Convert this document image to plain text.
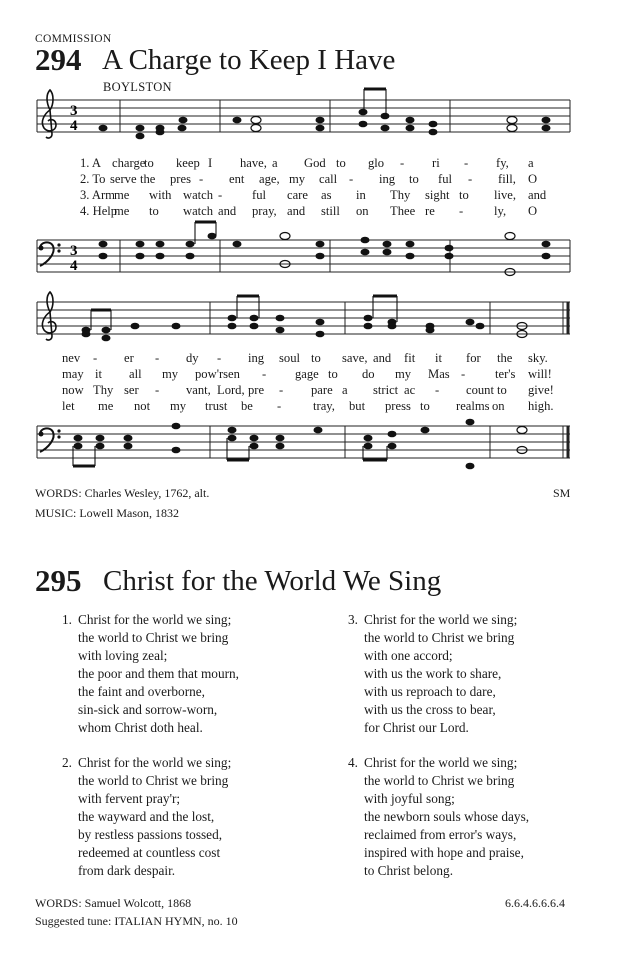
COMMISSION
294 A Charge to Keep I Have
BOYLSTON
3
4
3
4
1. A charge
to keep I have, a God to glo - ri - fy, a
2. To serve the pres - ent age, my call - ing to ful - fill, O
3. Arm me with watch - ful care as in Thy sight to live, and
4. Help
me to watch and pray, and still on Thee re - ly, O
nev - er - dy - ing soul to save, and fit it for the sky.
may it all my pow'rs en - gage to do my Mas - ter's will!
now Thy ser - vant, Lord, pre - pare a strict ac - count to give!
let me not my trust be -	tray, but press to realms on high.
WORDS: Charles Wesley, 1762, alt.
MUSIC: Lowell Mason, 1832
SM
295 Christ for the World We Sing
1. Christ for the world we sing;
the world to Christ we bring
with loving zeal;
the poor and them that mourn,
the faint and overborne,
sin-sick and sorrow-worn,
whom Christ doth heal.
2. Christ for the world we sing;
the world to Christ we bring
with fervent pray'r;
the wayward and the lost,
by restless passions tossed,
redeemed at countless cost
from dark despair.
3. Christ for the world we sing;
the world to Christ we bring
with one accord;
with us the work to share,
with us reproach to dare,
with us the cross to bear,
for Christ our Lord.
4. Christ for the world we sing;
the world to Christ we bring
with joyful song;
the newborn souls whose days,
reclaimed from error's ways,
inspired with hope and praise,
to Christ belong.
WORDS: Samuel Wolcott, 1868
Suggested tune: ITALIAN HYMN, no. 10
6.6.4.6.6.6.4
